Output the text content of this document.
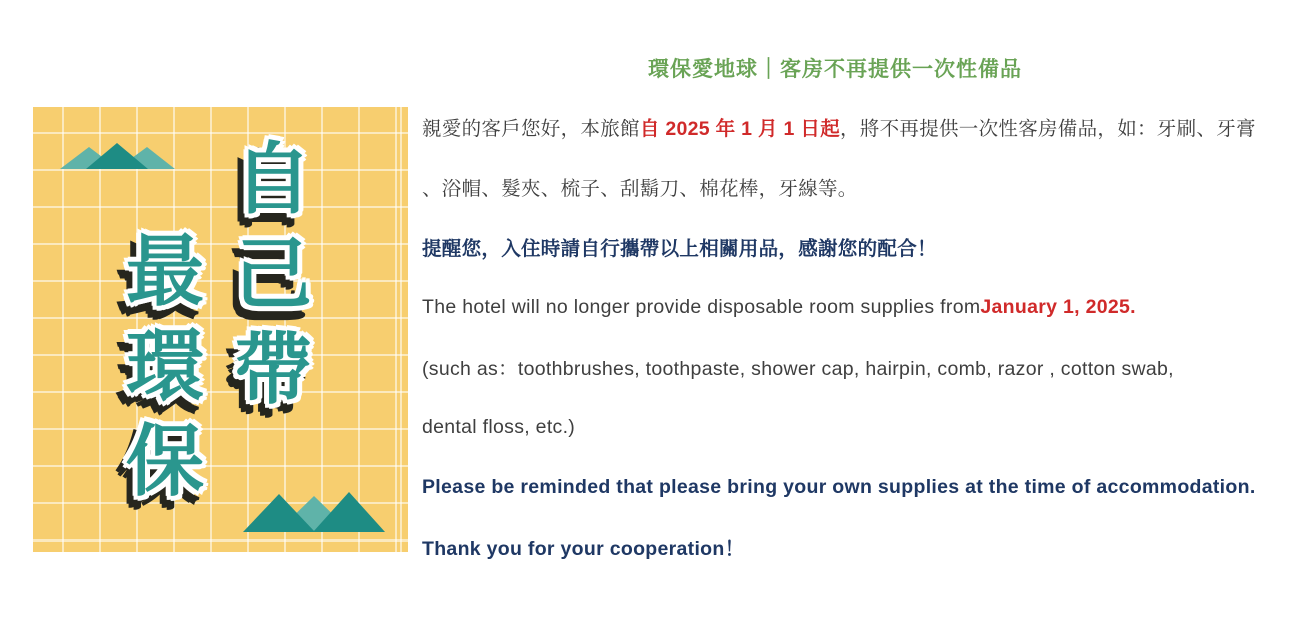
環保愛地球｜客房不再提供一次性備品
自
己
帶
最
環
保
親愛的客戶您好，本旅館 自 2025 年 1 月 1 日起 ，將不再提供一次性客房備品，如：牙刷、牙膏
、浴帽、髮夾、梳子、刮鬍刀、棉花棒，牙線等。
提醒您，入住時請自行攜帶以上相關用品，感謝您的配合！
The hotel will no longer provide disposable room supplies from January 1, 2025.
(such as：toothbrushes, toothpaste, shower cap, hairpin, comb, razor , cotton swab,
dental floss, etc.)
Please be reminded that please bring your own supplies at the time of accommodation.
Thank you for your cooperation！
